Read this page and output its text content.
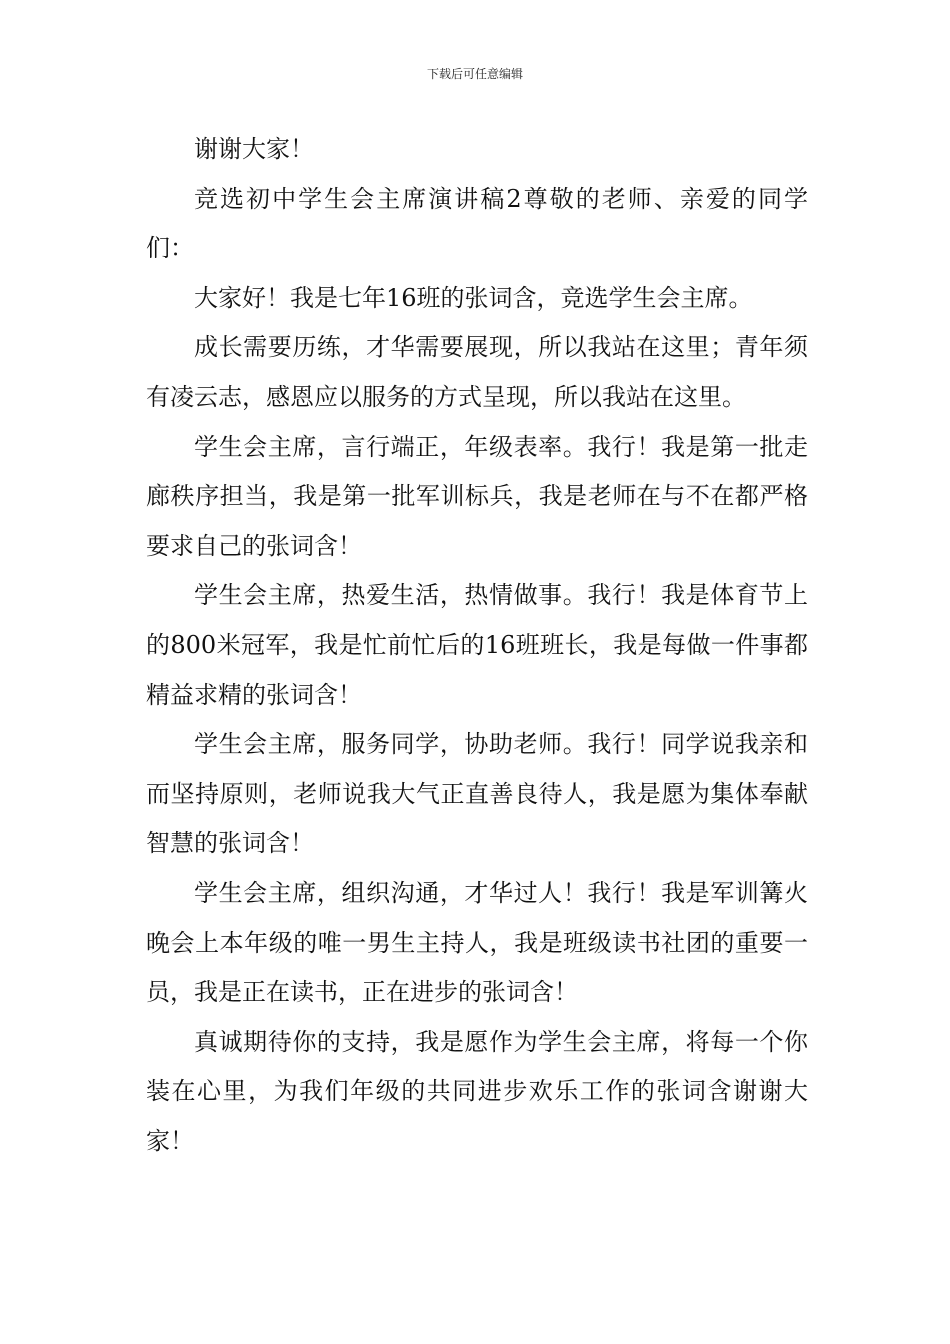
下载后可任意编辑

谢谢大家！

竞选初中学生会主席演讲稿2尊敬的老师、亲爱的同学们：

大家好！我是七年16班的张词含，竞选学生会主席。

成长需要历练，才华需要展现，所以我站在这里；青年须有凌云志，感恩应以服务的方式呈现，所以我站在这里。

学生会主席，言行端正，年级表率。我行！我是第一批走廊秩序担当，我是第一批军训标兵，我是老师在与不在都严格要求自己的张词含！

学生会主席，热爱生活，热情做事。我行！我是体育节上的800米冠军，我是忙前忙后的16班班长，我是每做一件事都精益求精的张词含！

学生会主席，服务同学，协助老师。我行！同学说我亲和而坚持原则，老师说我大气正直善良待人，我是愿为集体奉献智慧的张词含！

学生会主席，组织沟通，才华过人！我行！我是军训篝火晚会上本年级的唯一男生主持人，我是班级读书社团的重要一员，我是正在读书，正在进步的张词含！

真诚期待你的支持，我是愿作为学生会主席，将每一个你装在心里，为我们年级的共同进步欢乐工作的张词含谢谢大家！
